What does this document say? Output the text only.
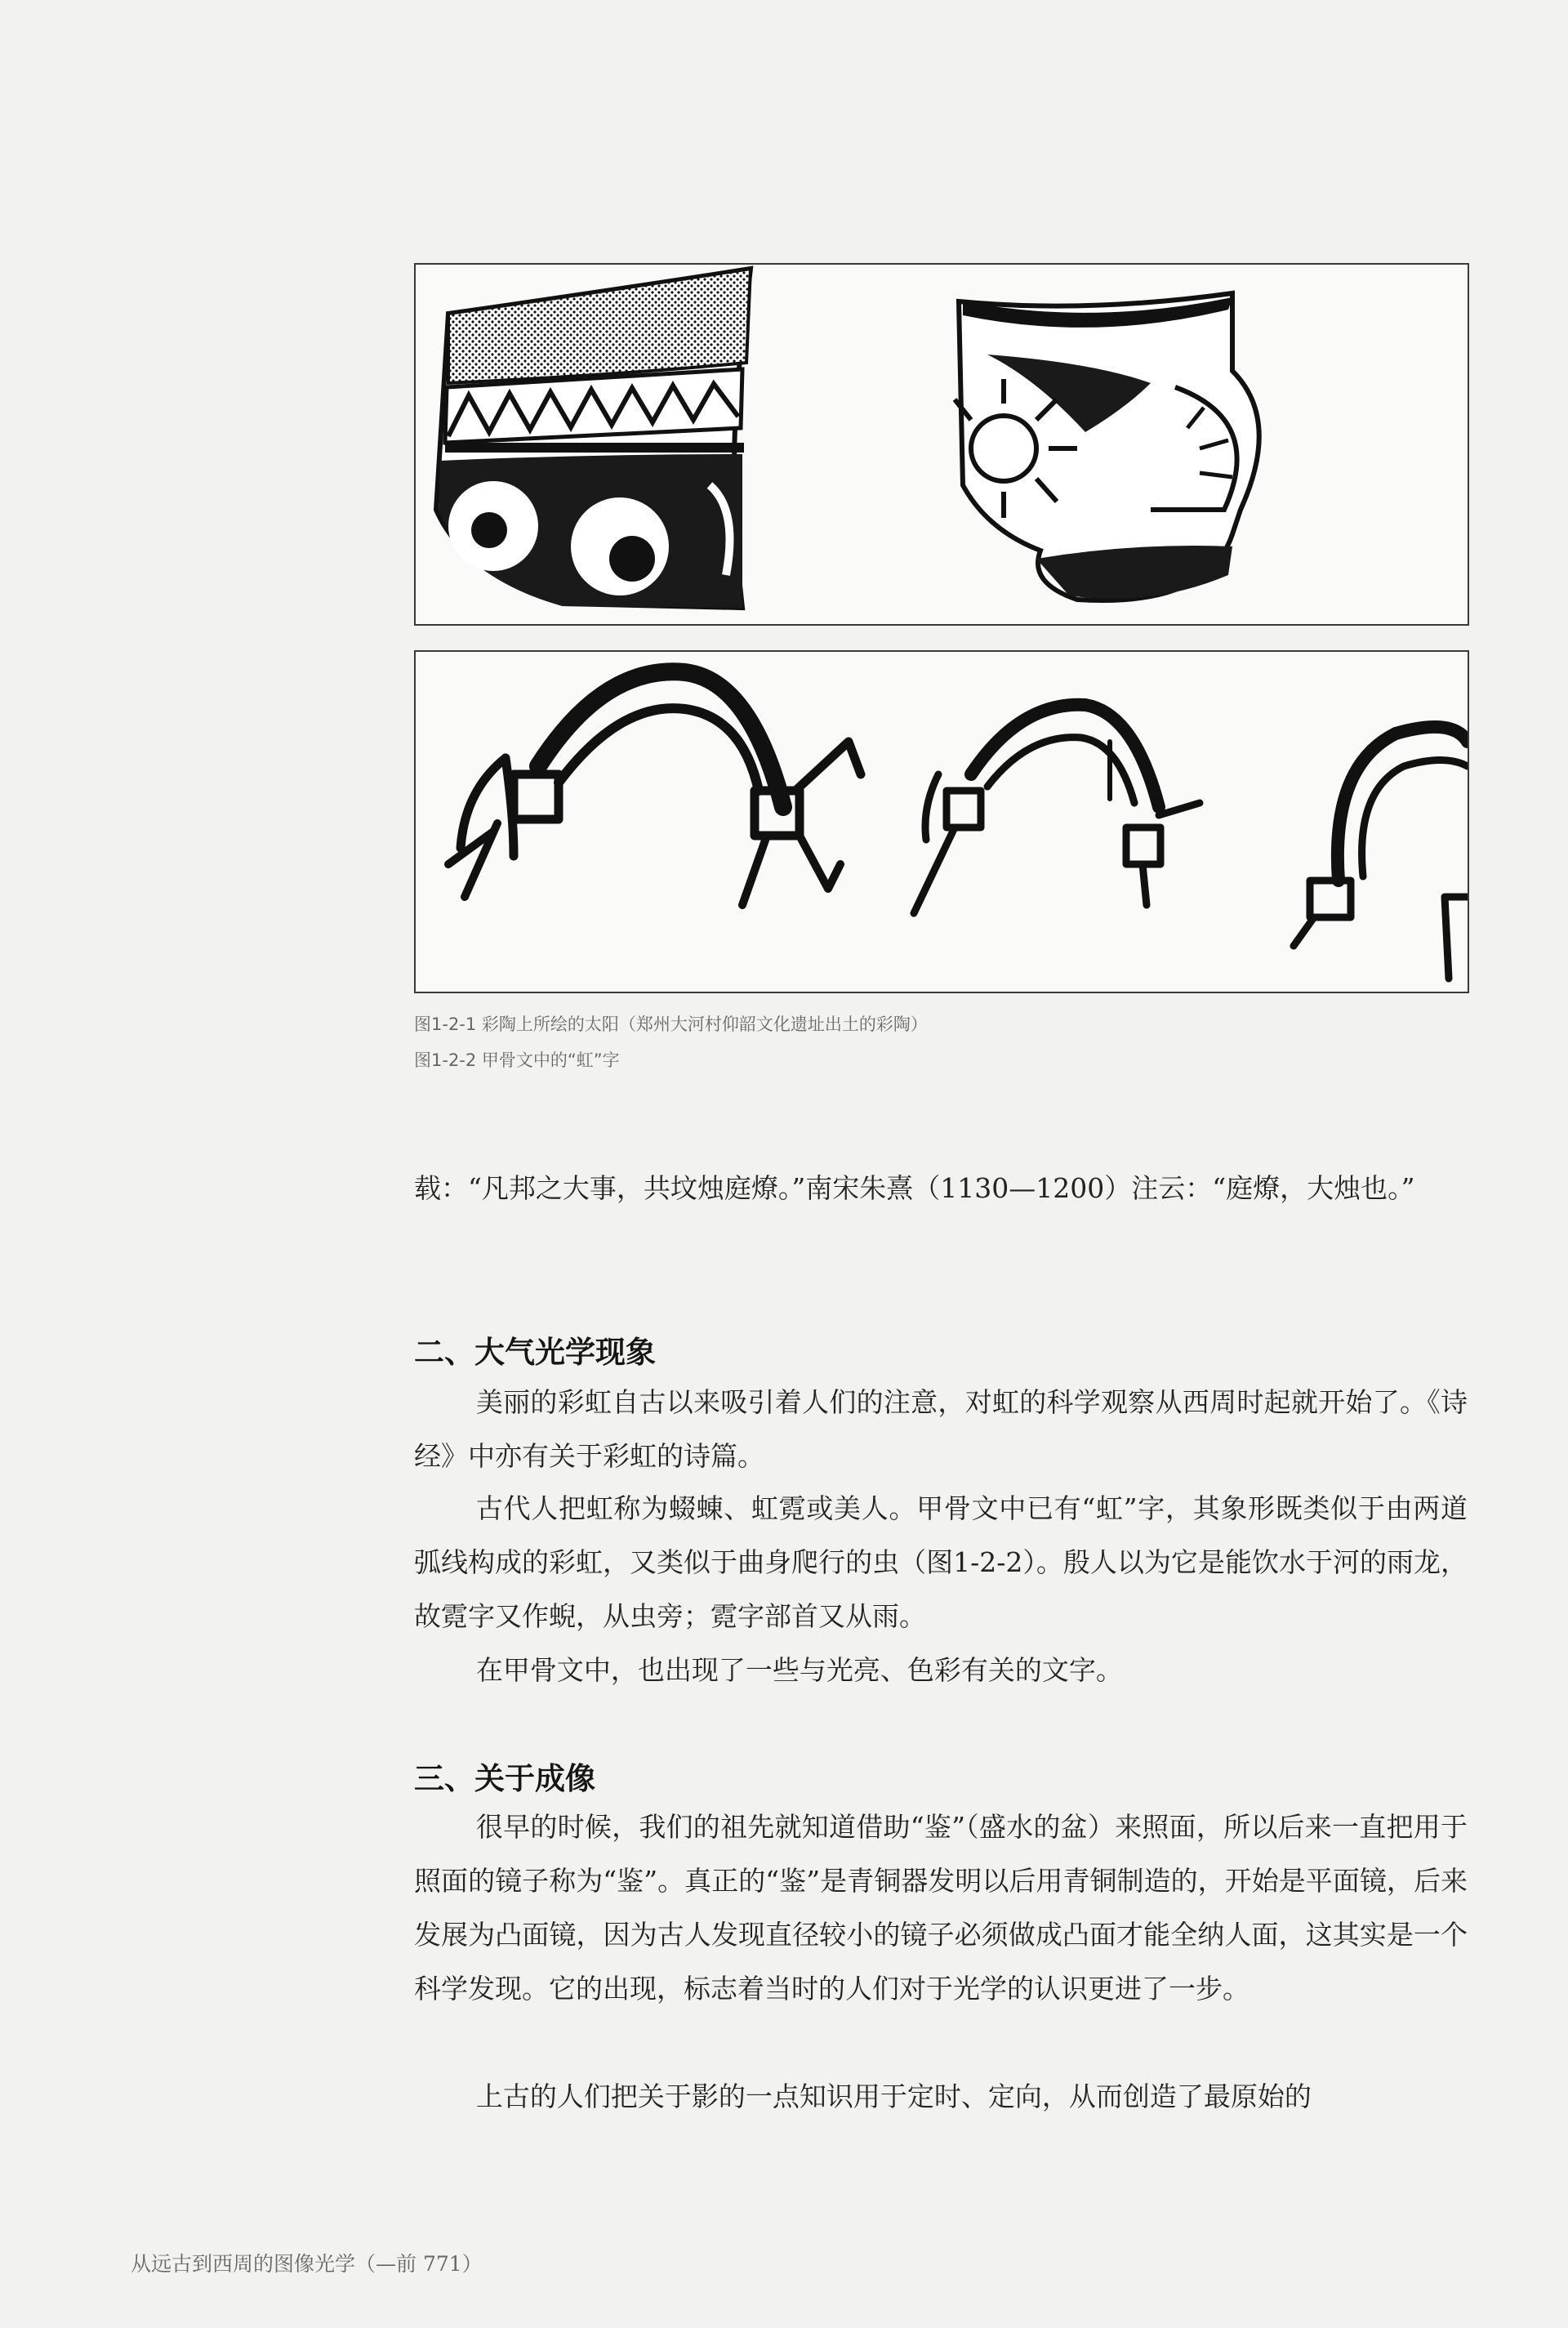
图1-2-1 彩陶上所绘的太阳（郑州大河村仰韶文化遗址出土的彩陶）
图1-2-2 甲骨文中的“虹”字

载：“凡邦之大事，共坟烛庭燎。”南宋朱熹（1130—1200）注云：“庭燎，大烛也。”

二、大气光学现象

美丽的彩虹自古以来吸引着人们的注意，对虹的科学观察从西周时起就开始了。《诗经》中亦有关于彩虹的诗篇。

古代人把虹称为蝃蝀、虹霓或美人。甲骨文中已有“虹”字，其象形既类似于由两道弧线构成的彩虹，又类似于曲身爬行的虫（图1-2-2）。殷人以为它是能饮水于河的雨龙，故霓字又作蜺，从虫旁；霓字部首又从雨。

在甲骨文中，也出现了一些与光亮、色彩有关的文字。

三、关于成像

很早的时候，我们的祖先就知道借助“鉴”（盛水的盆）来照面，所以后来一直把用于照面的镜子称为“鉴”。真正的“鉴”是青铜器发明以后用青铜制造的，开始是平面镜，后来发展为凸面镜，因为古人发现直径较小的镜子必须做成凸面才能全纳人面，这其实是一个科学发现。它的出现，标志着当时的人们对于光学的认识更进了一步。

上古的人们把关于影的一点知识用于定时、定向，从而创造了最原始的

从远古到西周的图像光学（—前 771）
